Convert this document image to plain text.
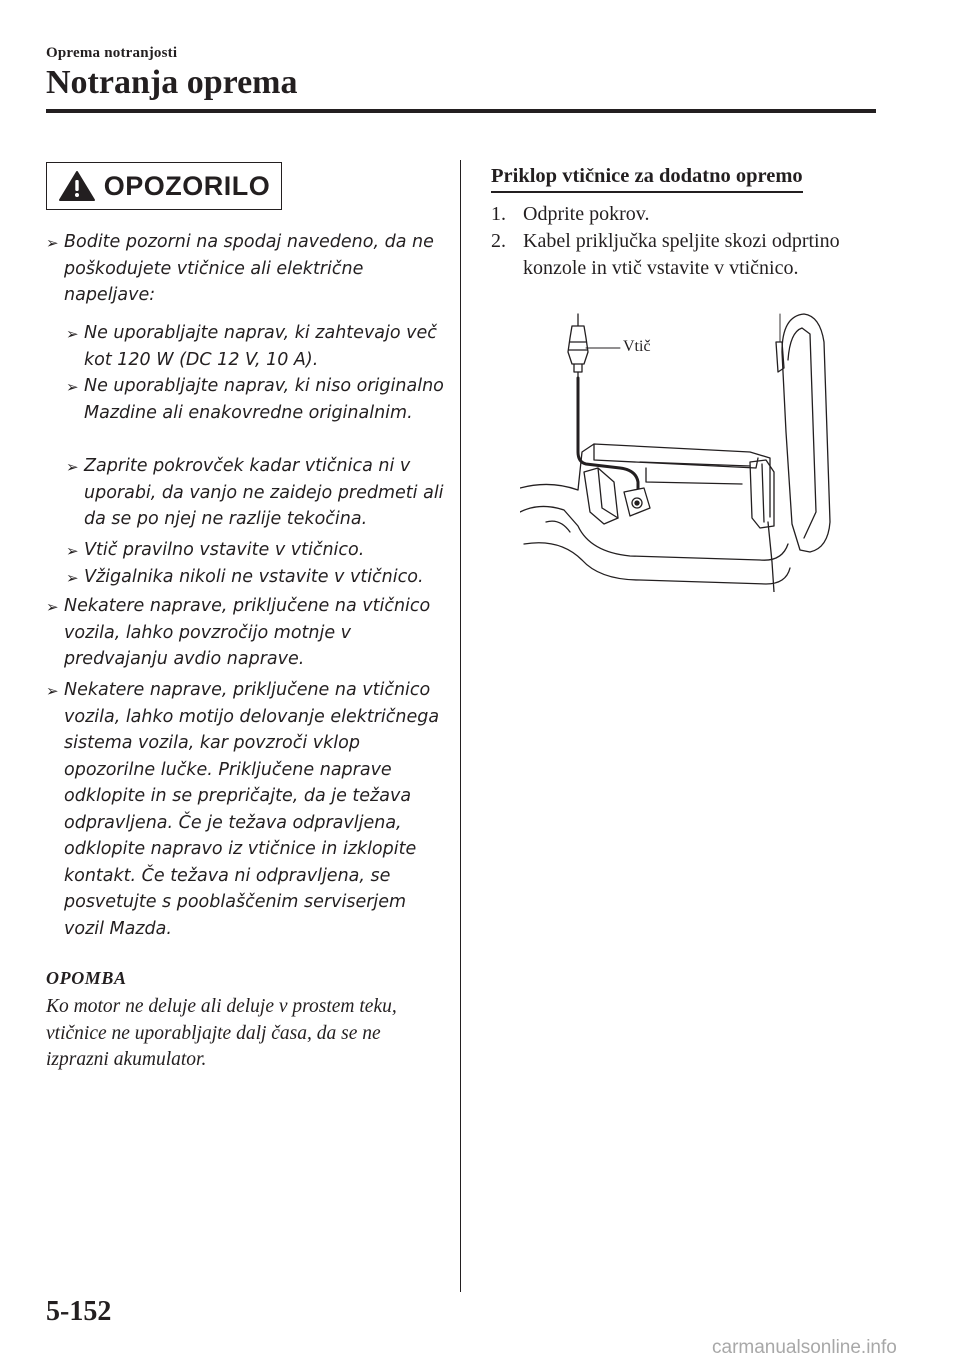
Oprema notranjosti
Notranja oprema
OPOZORILO
➢ Bodite pozorni na spodaj navedeno, da ne poškodujete vtičnice ali električne napeljave:
➢ Ne uporabljajte naprav, ki zahtevajo več kot 120 W (DC 12 V, 10 A).
➢ Ne uporabljajte naprav, ki niso originalno Mazdine ali enakovredne originalnim.
➢ Zaprite pokrovček kadar vtičnica ni v uporabi, da vanjo ne zaidejo predmeti ali da se po njej ne razlije tekočina.
➢ Vtič pravilno vstavite v vtičnico.
➢ Vžigalnika nikoli ne vstavite v vtičnico.
➢ Nekatere naprave, priključene na vtičnico vozila, lahko povzročijo motnje v predvajanju avdio naprave.
➢ Nekatere naprave, priključene na vtičnico vozila, lahko motijo delovanje električnega sistema vozila, kar povzroči vklop opozorilne lučke. Priključene naprave odklopite in se prepričajte, da je težava odpravljena. Če je težava odpravljena, odklopite napravo iz vtičnice in izklopite kontakt. Če težava ni odpravljena, se posvetujte s pooblaščenim serviserjem vozil Mazda.
OPOMBA
Ko motor ne deluje ali deluje v prostem teku, vtičnice ne uporabljajte dalj časa, da se ne izprazni akumulator.
Priklop vtičnice za dodatno opremo
1. Odprite pokrov.
2. Kabel priključka speljite skozi odprtino konzole in vtič vstavite v vtičnico.
Vtič
5-152
carmanualsonline.info
